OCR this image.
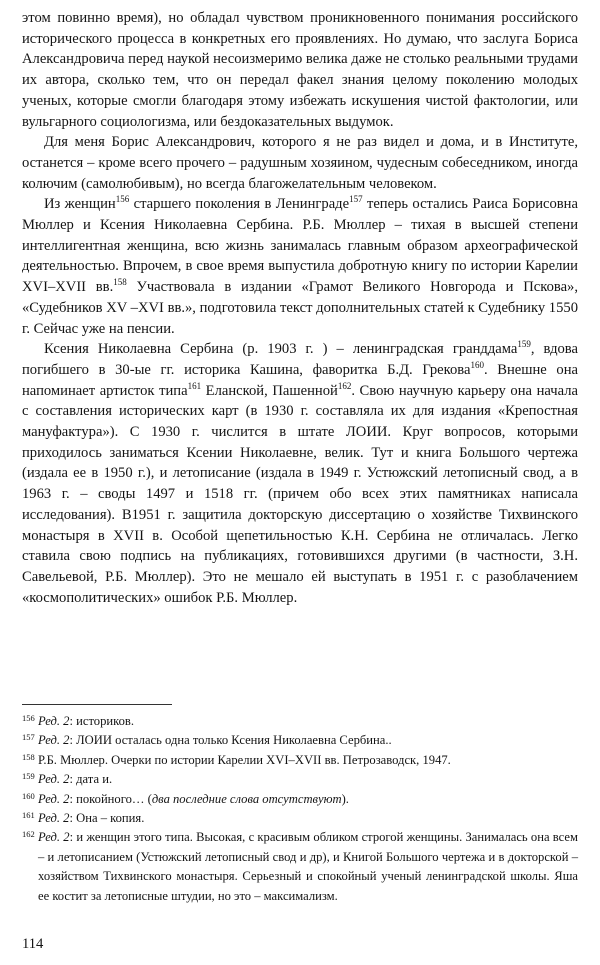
этом повинно время), но обладал чувством проникновенного понимания российского исторического процесса в конкретных его проявлениях. Но думаю, что заслуга Бориса Александровича перед наукой несоизмеримо велика даже не столько реальными трудами их автора, сколько тем, что он передал факел знания целому поколению молодых ученых, которые смогли благодаря этому избежать искушения чистой фактологии, или вульгарного социологизма, или бездоказательных выдумок.

Для меня Борис Александрович, которого я не раз видел и дома, и в Институте, останется – кроме всего прочего – радушным хозяином, чудесным собеседником, иногда колючим (самолюбивым), но всегда благожелательным человеком.

Из женщин$^{156}$ старшего поколения в Ленинграде$^{157}$ теперь остались Раиса Борисовна Мюллер и Ксения Николаевна Сербина. Р.Б. Мюллер – тихая в высшей степени интеллигентная женщина, всю жизнь занималась главным образом археографической деятельностью. Впрочем, в свое время выпустила добротную книгу по истории Карелии XVI–XVII вв.$^{158}$ Участвовала в издании «Грамот Великого Новгорода и Пскова», «Судебников XV –XVI вв.», подготовила текст дополнительных статей к Судебнику 1550 г. Сейчас уже на пенсии.

Ксения Николаевна Сербина (р. 1903 г. ) – ленинградская гранддама$^{159}$, вдова погибшего в 30-ые гг. историка Кашина, фаворитка Б.Д. Грекова$^{160}$. Внешне она напоминает артисток типа$^{161}$ Еланской, Пашенной$^{162}$. Свою научную карьеру она начала с составления исторических карт (в 1930 г. составляла их для издания «Крепостная мануфактура»). С 1930 г. числится в штате ЛОИИ. Круг вопросов, которыми приходилось заниматься Ксении Николаевне, велик. Тут и книга Большого чертежа (издала ее в 1950 г.), и летописание (издала в 1949 г. Устюжский летописный свод, а в 1963 г. – своды 1497 и 1518 гг. (причем обо всех этих памятниках написала исследования). В1951 г. защитила докторскую диссертацию о хозяйстве Тихвинского монастыря в XVII в. Особой щепетильностью К.Н. Сербина не отличалась. Легко ставила свою подпись на публикациях, готовившихся другими (в частности, З.Н. Савельевой, Р.Б. Мюллер). Это не мешало ей выступать в 1951 г. с разоблачением «космополитических» ошибок Р.Б. Мюллер.

156 Ред. 2: историков.
157 Ред. 2: ЛОИИ осталась одна только Ксения Николаевна Сербина..
158 Р.Б. Мюллер. Очерки по истории Карелии XVI–XVII вв. Петрозаводск, 1947.
159 Ред. 2: дата и.
160 Ред. 2: покойного… (два последние слова отсутствуют).
161 Ред. 2: Она – копия.
162 Ред. 2: и женщин этого типа. Высокая, с красивым обликом строгой женщины. Занималась она всем – и летописанием (Устюжский летописный свод и др), и Книгой Большого чертежа и в докторской – хозяйством Тихвинского монастыря. Серьезный и спокойный ученый ленинградской школы. Яша ее костит за летописные штудии, но это – максимализм.
114
